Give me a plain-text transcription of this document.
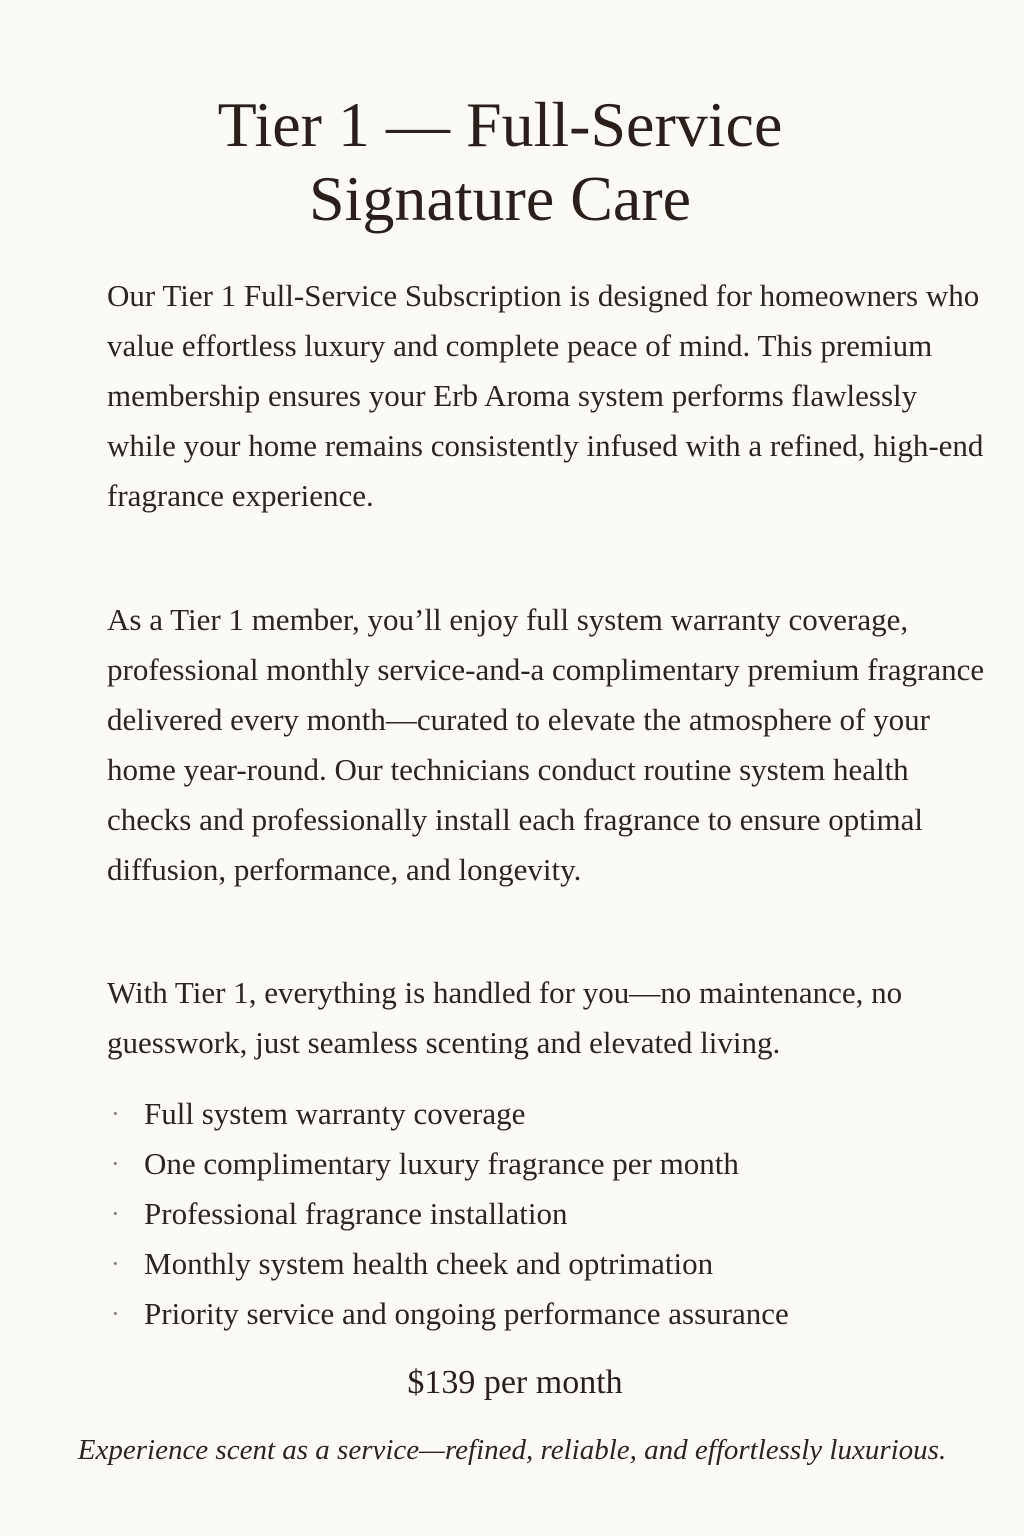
Tier 1 — Full-Service
Signature Care

Our Tier 1 Full-Service Subscription is designed for homeowners who value effortless luxury and complete peace of mind. This premium membership ensures your Erb Aroma system performs flawlessly while your home remains consistently infused with a refined, high-end fragrance experience.

As a Tier 1 member, you’ll enjoy full system warranty coverage, professional monthly service-and-a complimentary premium fragrance delivered every month—curated to elevate the atmosphere of your home year-round. Our technicians conduct routine system health checks and professionally install each fragrance to ensure optimal diffusion, performance, and longevity.

With Tier 1, everything is handled for you—no maintenance, no guesswork, just seamless scenting and elevated living.

· Full system warranty coverage
· One complimentary luxury fragrance per month
· Professional fragrance installation
· Monthly system health cheek and optrimation
· Priority service and ongoing performance assurance
$139 per month
Experience scent as a service—refined, reliable, and effortlessly luxurious.
